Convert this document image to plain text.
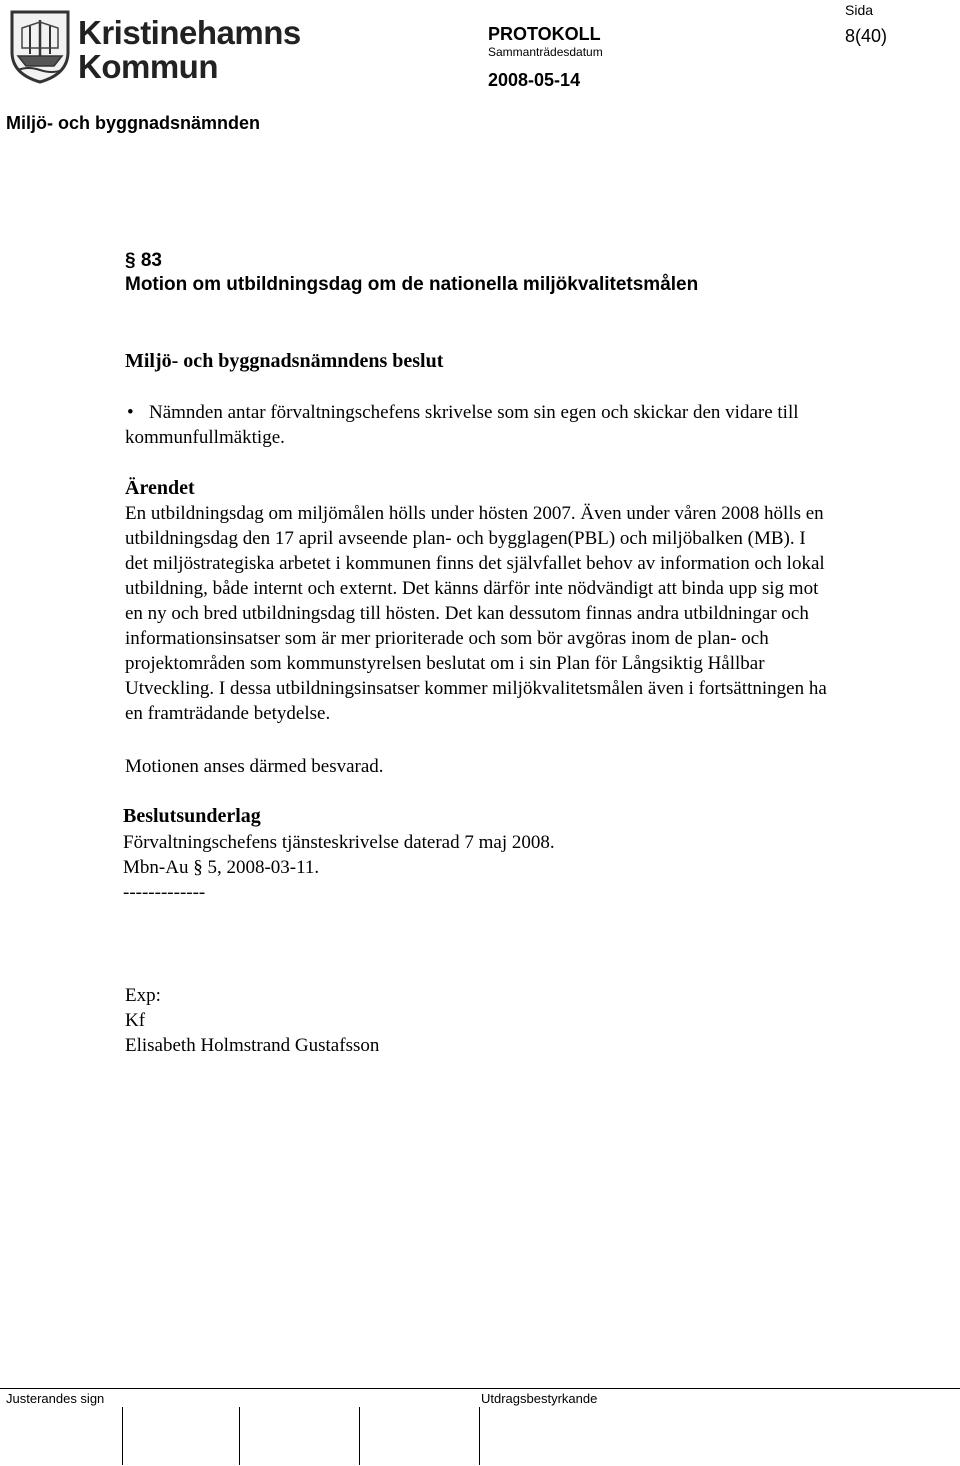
Kristinehamns
Kommun
PROTOKOLL
Sammanträdesdatum
2008-05-14
Sida
8(40)
Miljö- och byggnadsnämnden
§ 83
Motion om utbildningsdag om de nationella miljökvalitetsmålen
Miljö- och byggnadsnämndens beslut
• Nämnden antar förvaltningschefens skrivelse som sin egen och skickar den vidare till
kommunfullmäktige.
Ärendet
En utbildningsdag om miljömålen hölls under hösten 2007. Även under våren 2008 hölls en
utbildningsdag den 17 april avseende plan- och bygglagen(PBL) och miljöbalken (MB). I
det miljöstrategiska arbetet i kommunen finns det självfallet behov av information och lokal
utbildning, både internt och externt. Det känns därför inte nödvändigt att binda upp sig mot
en ny och bred utbildningsdag till hösten. Det kan dessutom finnas andra utbildningar och
informationsinsatser som är mer prioriterade och som bör avgöras inom de plan- och
projektområden som kommunstyrelsen beslutat om i sin Plan för Långsiktig Hållbar
Utveckling. I dessa utbildningsinsatser kommer miljökvalitetsmålen även i fortsättningen ha
en framträdande betydelse.
Motionen anses därmed besvarad.
Beslutsunderlag
Förvaltningschefens tjänsteskrivelse daterad 7 maj 2008.
Mbn-Au § 5, 2008-03-11.
-------------
Exp:
Kf
Elisabeth Holmstrand Gustafsson
Justerandes sign	Utdragsbestyrkande
